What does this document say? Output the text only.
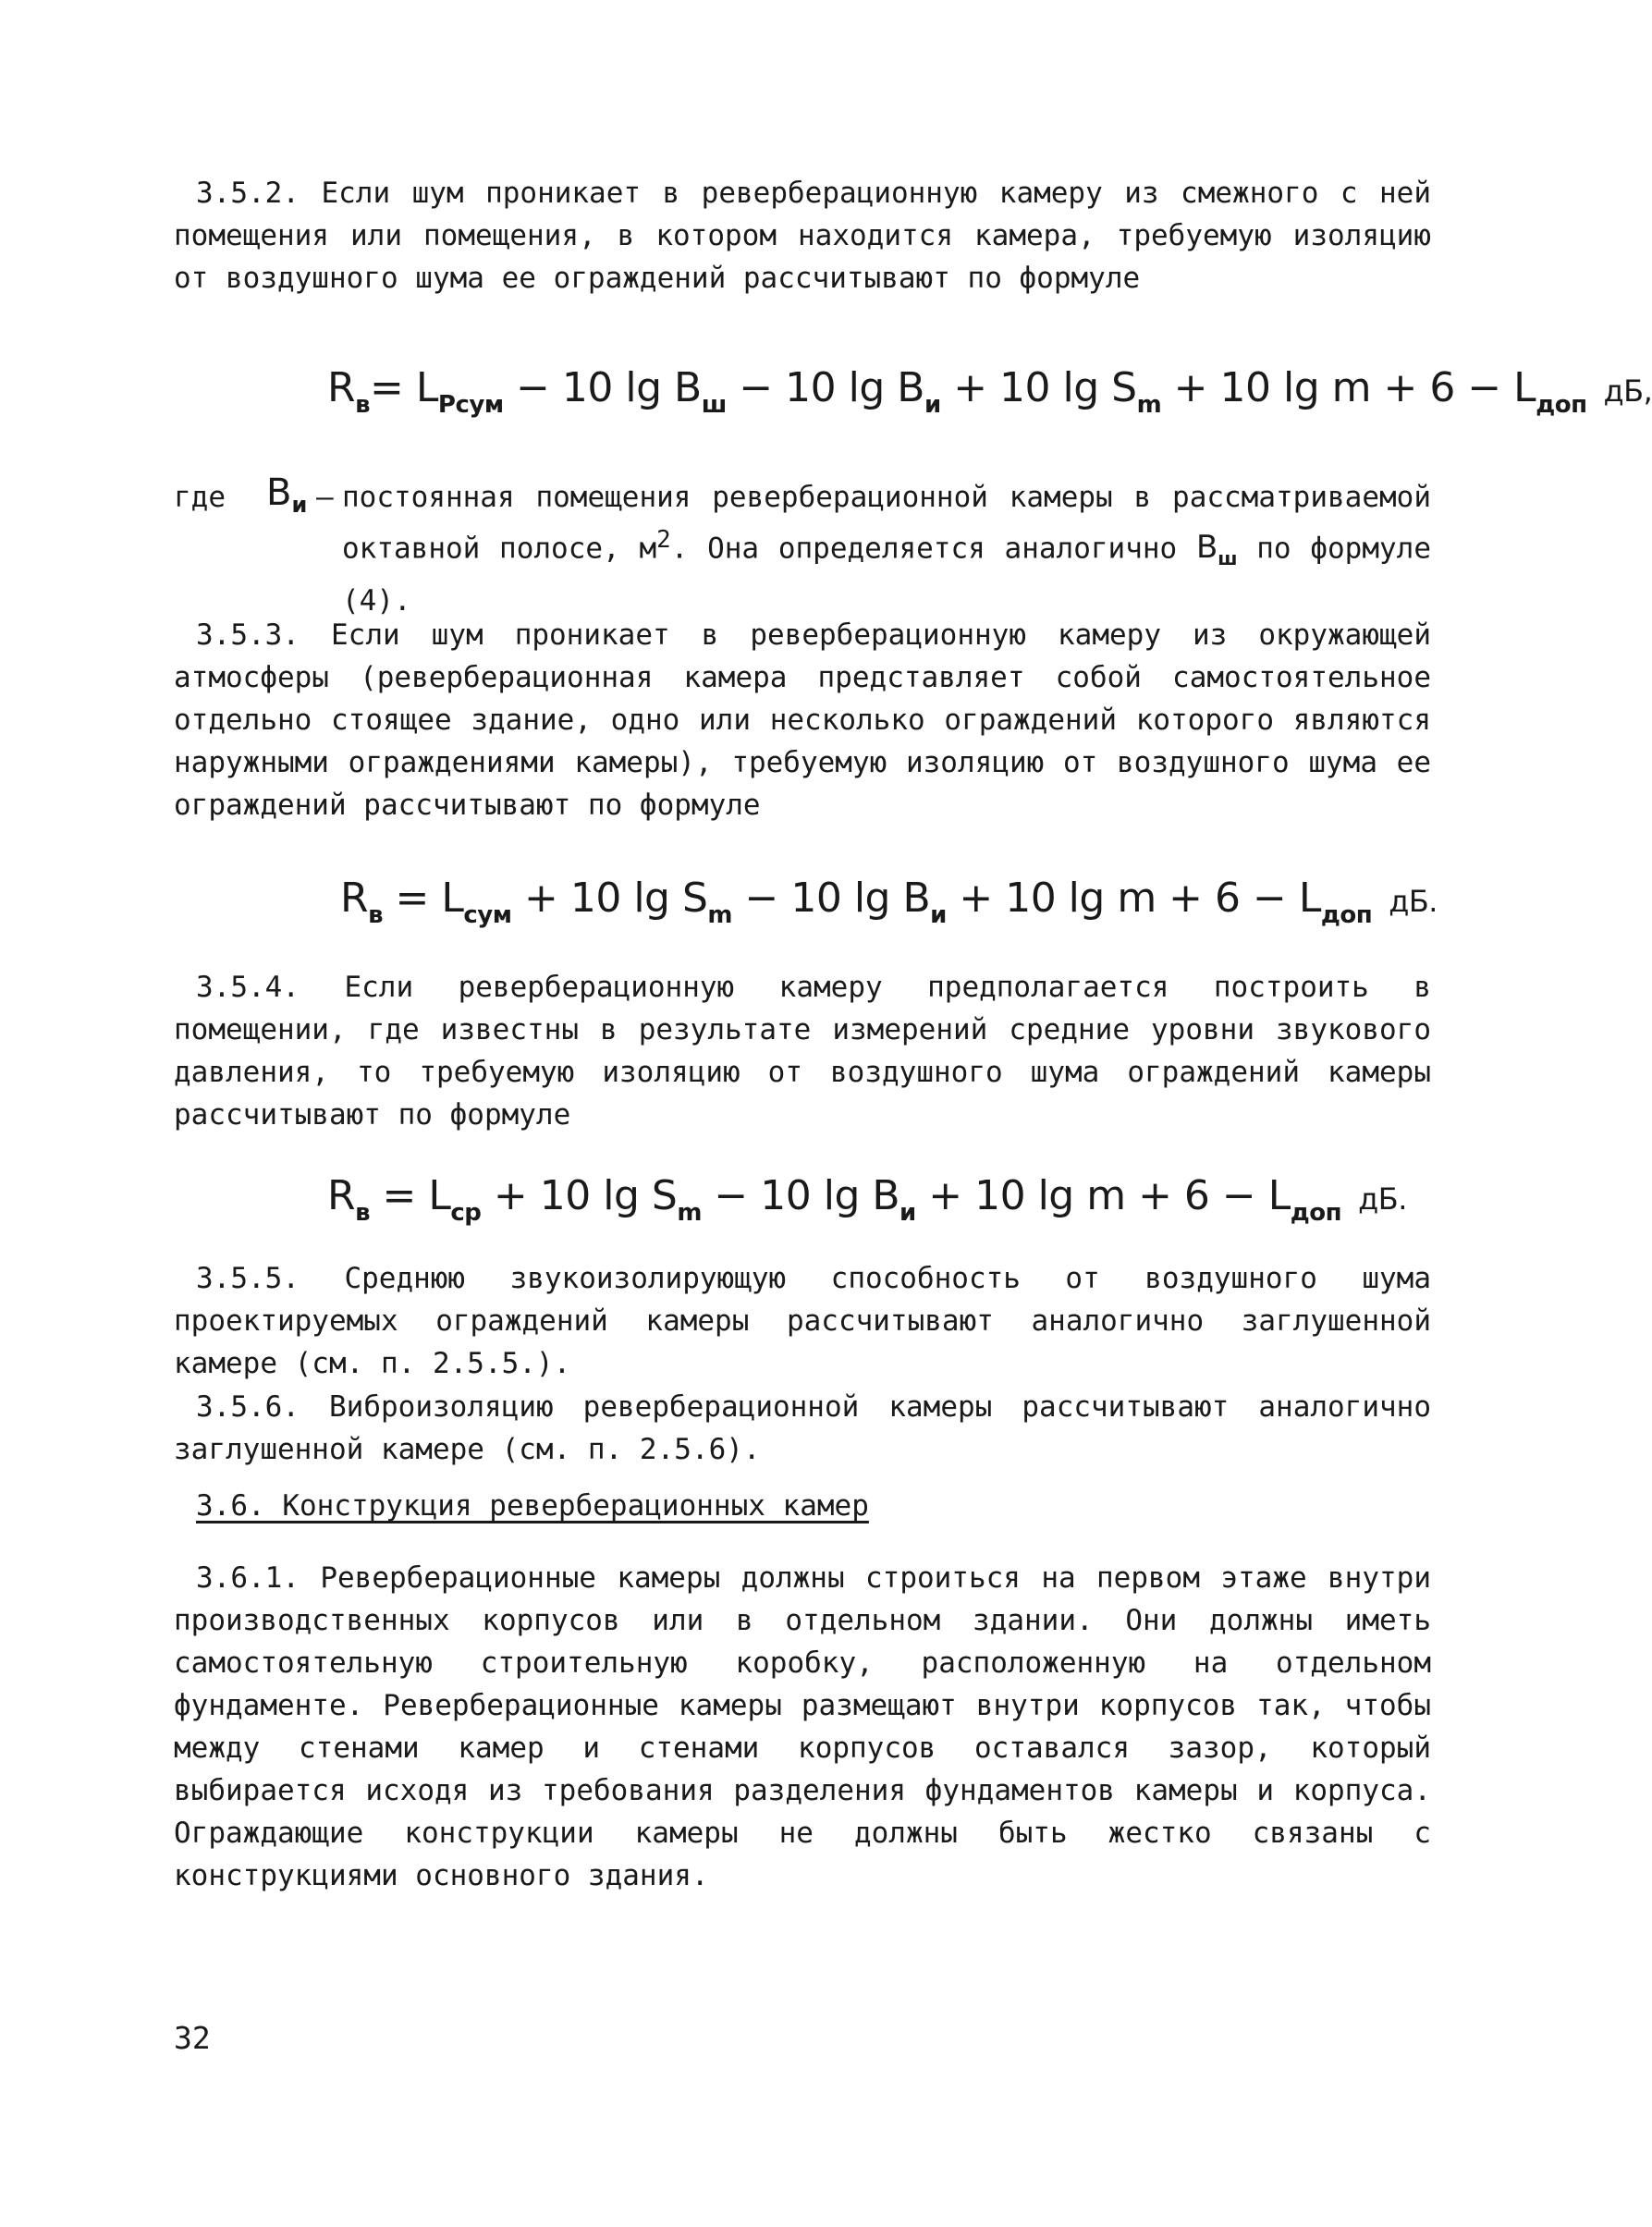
3.5.2. Если шум проникает в реверберационную камеру из смежного с ней помещения или помещения, в котором находится камера, требуемую изоляцию от воздушного шума ее ограждений рассчитывают по формуле

$R_в= L_{Pсум} - 10$ $\lg B_ш - 10$ $\lg B_и + 10$ $\lg S_m + 10$ $\lg m + 6 - L_{доп}$ дБ,
где $B_и$ – постоянная помещения реверберационной камеры в рассматриваемой октавной полосе, $м^2$. Она определяется аналогично $B_ш$ по формуле (4).

3.5.3. Если шум проникает в реверберационную камеру из окружающей атмосферы (реверберационная камера представляет собой самостоятельное отдельно стоящее здание, одно или несколько ограждений которого являются наружными ограждениями камеры), требуемую изоляцию от воздушного шума ее ограждений рассчитывают по формуле

$R_в = L_{сум} + 10$ $\lg S_m - 10$ $\lg B_и + 10$ $\lg m + 6 - L_{доп}$ дБ.

3.5.4. Если реверберационную камеру предполагается построить в помещении, где известны в результате измерений средние уровни звукового давления, то требуемую изоляцию от воздушного шума ограждений камеры рассчитывают по формуле

$R_в = L_{ср} + 10$ $\lg S_m - 10$ $\lg B_и + 10$ $\lg m + 6 - L_{доп}$ дБ.

3.5.5. Среднюю звукоизолирующую способность от воздушного шума проектируемых ограждений камеры рассчитывают аналогично заглушенной камере (см. п. 2.5.5.).

3.5.6. Виброизоляцию реверберационной камеры рассчитывают аналогично заглушенной камере (см. п. 2.5.6).

3.6. Конструкция реверберационных камер

3.6.1. Реверберационные камеры должны строиться на первом этаже внутри производственных корпусов или в отдельном здании. Они должны иметь самостоятельную строительную коробку, расположенную на отдельном фундаменте. Реверберационные камеры размещают внутри корпусов так, чтобы между стенами камер и стенами корпусов оставался зазор, который выбирается исходя из требования разделения фундаментов камеры и корпуса. Ограждающие конструкции камеры не должны быть жестко связаны с конструкциями основного здания.

32
